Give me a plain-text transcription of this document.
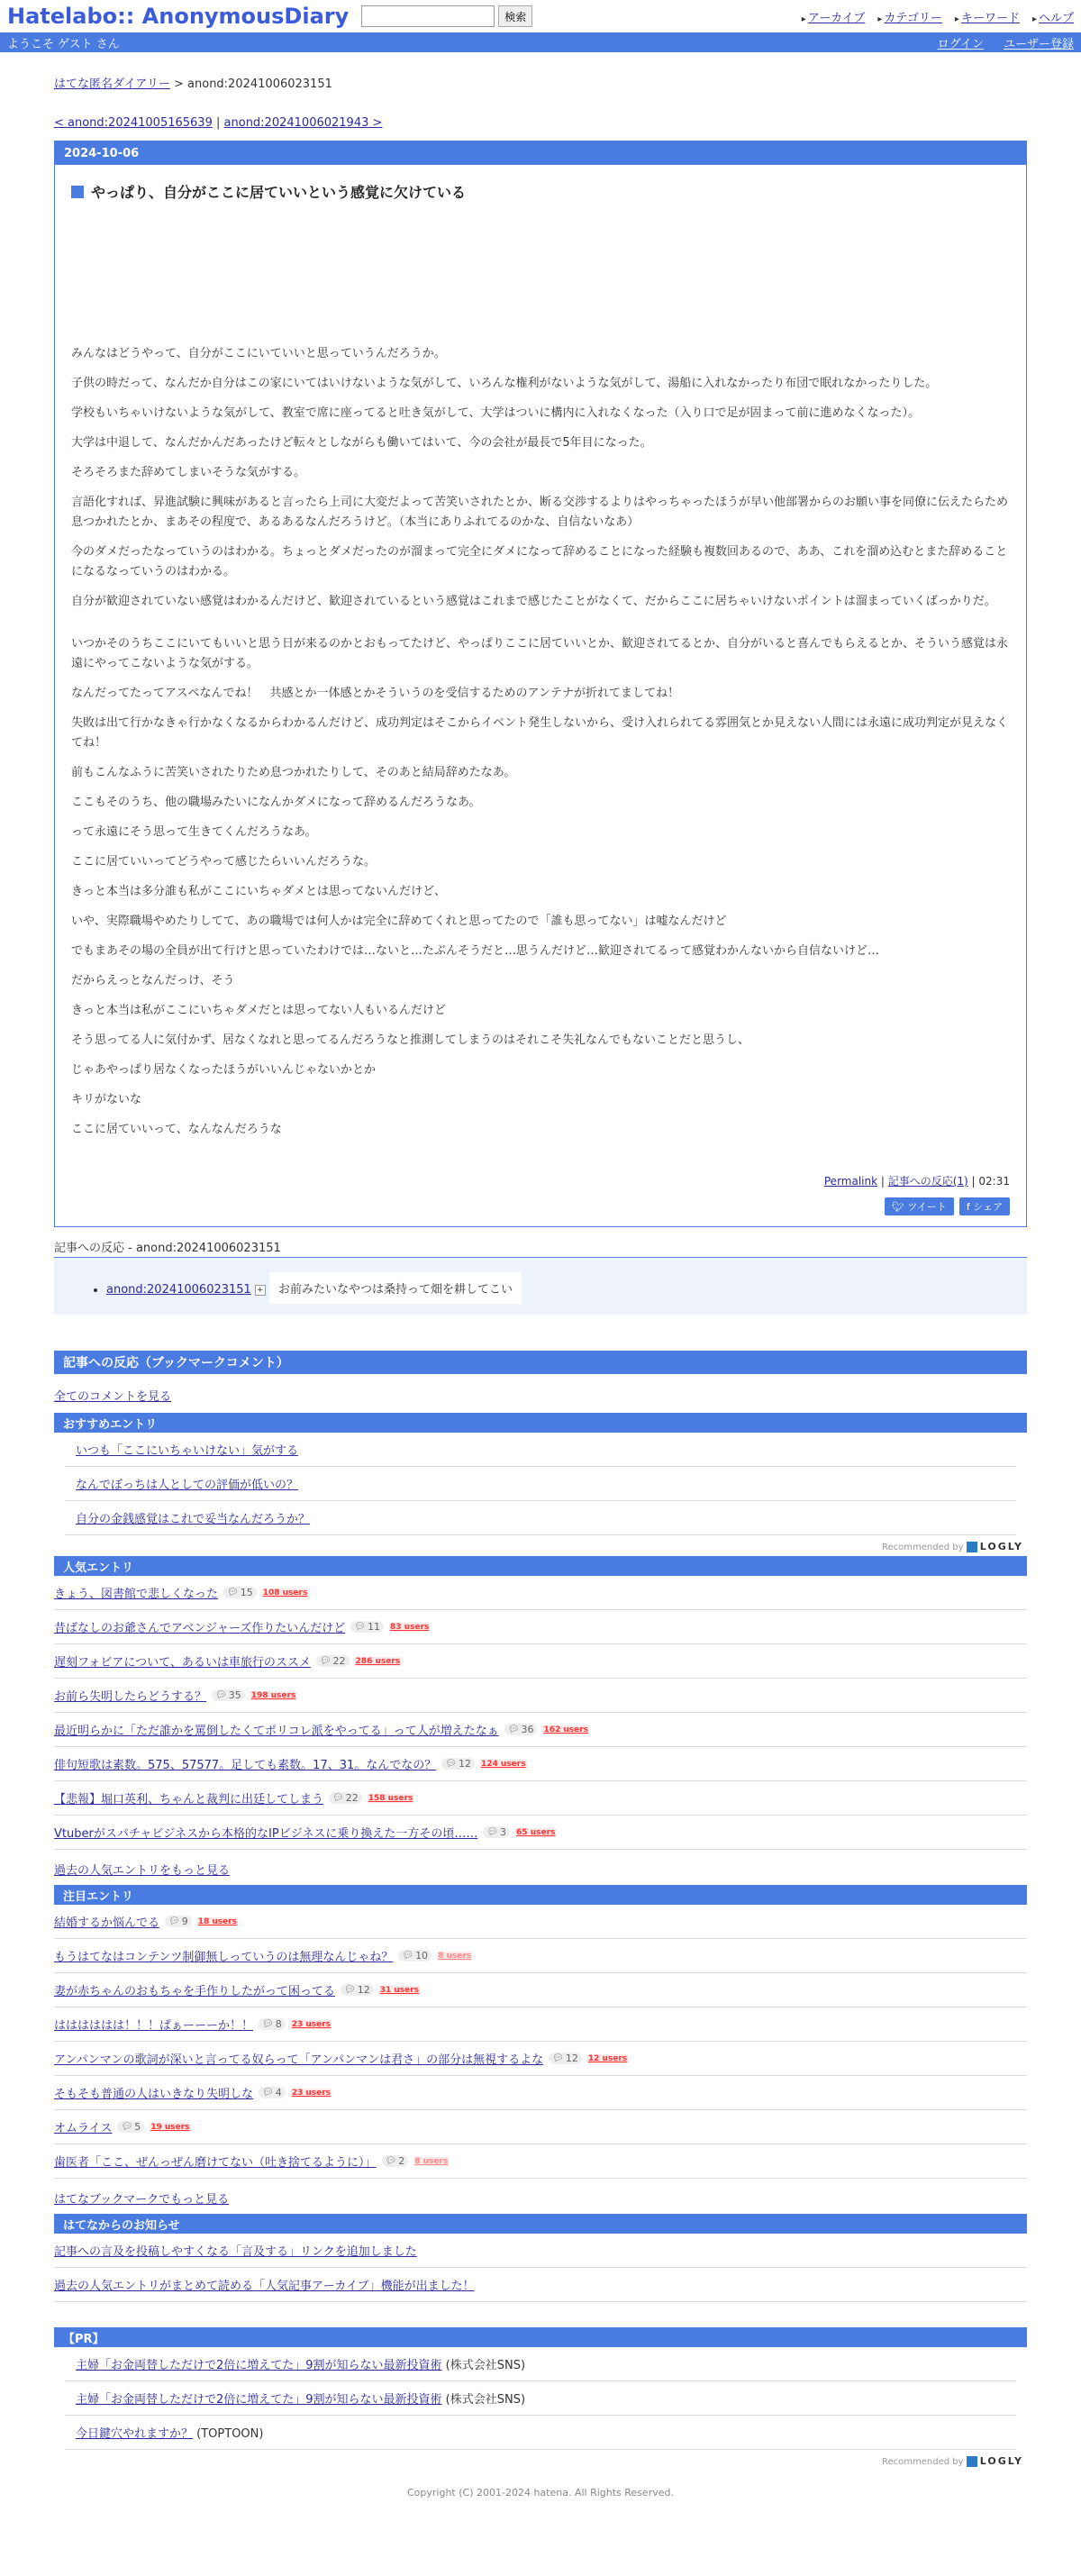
Hatelabo:: AnonymousDiary	検索	▸ アーカイブ ▸ カテゴリー ▸ キーワード ▸ ヘルプ
ようこそ ゲスト さん	ログイン ユーザー登録
はてな匿名ダイアリー > anond:20241006023151
< anond:20241005165639 | anond:20241006021943 >
2024-10-06
やっぱり、自分がここに居ていいという感覚に欠けている

みんなはどうやって、自分がここにいていいと思っていうんだろうか。

子供の時だって、なんだか自分はこの家にいてはいけないような気がして、いろんな権利がないような気がして、湯船に入れなかったり布団で眠れなかったりした。

学校もいちゃいけないような気がして、教室で席に座ってると吐き気がして、大学はついに構内に入れなくなった（入り口で足が固まって前に進めなくなった）。

大学は中退して、なんだかんだあったけど転々としながらも働いてはいて、今の会社が最長で5年目になった。

そろそろまた辞めてしまいそうな気がする。

言語化すれば、昇進試験に興味があると言ったら上司に大変だよって苦笑いされたとか、断る交渉するよりはやっちゃったほうが早い他部署からのお願い事を同僚に伝えたらため息つかれたとか、まあその程度で、あるあるなんだろうけど。（本当にありふれてるのかな、自信ないなあ）

今のダメだったなっていうのはわかる。ちょっとダメだったのが溜まって完全にダメになって辞めることになった経験も複数回あるので、ああ、これを溜め込むとまた辞めることになるなっていうのはわかる。

自分が歓迎されていない感覚はわかるんだけど、歓迎されているという感覚はこれまで感じたことがなくて、だからここに居ちゃいけないポイントは溜まっていくばっかりだ。

いつかそのうちここにいてもいいと思う日が来るのかとおもってたけど、やっぱりここに居ていいとか、歓迎されてるとか、自分がいると喜んでもらえるとか、そういう感覚は永遠にやってこないような気がする。

なんだってたってアスペなんでね！　共感とか一体感とかそういうのを受信するためのアンテナが折れてましてね！

失敗は出て行かなきゃ行かなくなるからわかるんだけど、成功判定はそこからイベント発生しないから、受け入れられてる雰囲気とか見えない人間には永遠に成功判定が見えなくてね！

前もこんなふうに苦笑いされたりため息つかれたりして、そのあと結局辞めたなあ。

ここもそのうち、他の職場みたいになんかダメになって辞めるんだろうなあ。

って永遠にそう思って生きてくんだろうなあ。

ここに居ていいってどうやって感じたらいいんだろうな。

きっと本当は多分誰も私がここにいちゃダメとは思ってないんだけど、

いや、実際職場やめたりしてて、あの職場では何人かは完全に辞めてくれと思ってたので「誰も思ってない」は嘘なんだけど

でもまあその場の全員が出て行けと思っていたわけでは…ないと…たぶんそうだと…思うんだけど…歓迎されてるって感覚わかんないから自信ないけど…

だからえっとなんだっけ、そう

きっと本当は私がここにいちゃダメだとは思ってない人もいるんだけど

そう思ってる人に気付かず、居なくなれと思ってるんだろうなと推測してしまうのはそれこそ失礼なんでもないことだと思うし、

じゃあやっぱり居なくなったほうがいいんじゃないかとか

キリがないな

ここに居ていいって、なんなんだろうな

Permalink | 記事への反応(1) | 02:31
🐦︎ ツイート	f シェア
記事への反応 - anond:20241006023151
• anond:20241006023151 + お前みたいなやつは桑持って畑を耕してこい
記事への反応（ブックマークコメント）
全てのコメントを見る
おすすめエントリ
いつも「ここにいちゃいけない」気がする
なんでぼっちは人としての評価が低いの？
自分の金銭感覚はこれで妥当なんだろうか？
Recommended by LOGLY
人気エントリ
きょう、図書館で悲しくなった 💬︎ 15 108 users
昔ばなしのお爺さんでアベンジャーズ作りたいんだけど 💬︎ 11 83 users
遅刻フォビアについて、あるいは車旅行のススメ 💬︎ 22 286 users
お前ら失明したらどうする？ 💬︎ 35 198 users
最近明らかに「ただ誰かを罵倒したくてポリコレ派をやってる」って人が増えたなぁ 💬︎ 36 162 users
俳句短歌は素数。575、57577。足しても素数。17、31。なんでなの？ 💬︎ 12 124 users
【悲報】堀口英利、ちゃんと裁判に出廷してしまう 💬︎ 22 158 users
Vtuberがスパチャビジネスから本格的なIPビジネスに乗り換えた一方その頃…… 💬︎ 3 65 users
過去の人気エントリをもっと見る
注目エントリ
結婚するか悩んでる 💬︎ 9 18 users
もうはてなはコンテンツ制御無しっていうのは無理なんじゃね？ 💬︎ 10 8 users
妻が赤ちゃんのおもちゃを手作りしたがって困ってる 💬︎ 12 31 users
はははははは！！！ぱぁーーーか！！ 💬︎ 8 23 users
アンパンマンの歌詞が深いと言ってる奴らって「アンパンマンは君さ」の部分は無視するよな 💬︎ 12 12 users
そもそも普通の人はいきなり失明しな 💬︎ 4 23 users
オムライス 💬︎ 5 19 users
歯医者「ここ、ぜんっぜん磨けてない（吐き捨てるように）」 💬︎ 2 8 users
はてなブックマークでもっと見る
はてなからのお知らせ
記事への言及を投稿しやすくなる「言及する」リンクを追加しました
過去の人気エントリがまとめて読める「人気記事アーカイブ」機能が出ました！
【PR】
主婦「お金両替しただけで2倍に増えてた」9割が知らない最新投資術 (株式会社SNS)
主婦「お金両替しただけで2倍に増えてた」9割が知らない最新投資術 (株式会社SNS)
今日鍵穴やれますか？ (TOPTOON)
Recommended by LOGLY
Copyright (C) 2001-2024 hatena. All Rights Reserved.
